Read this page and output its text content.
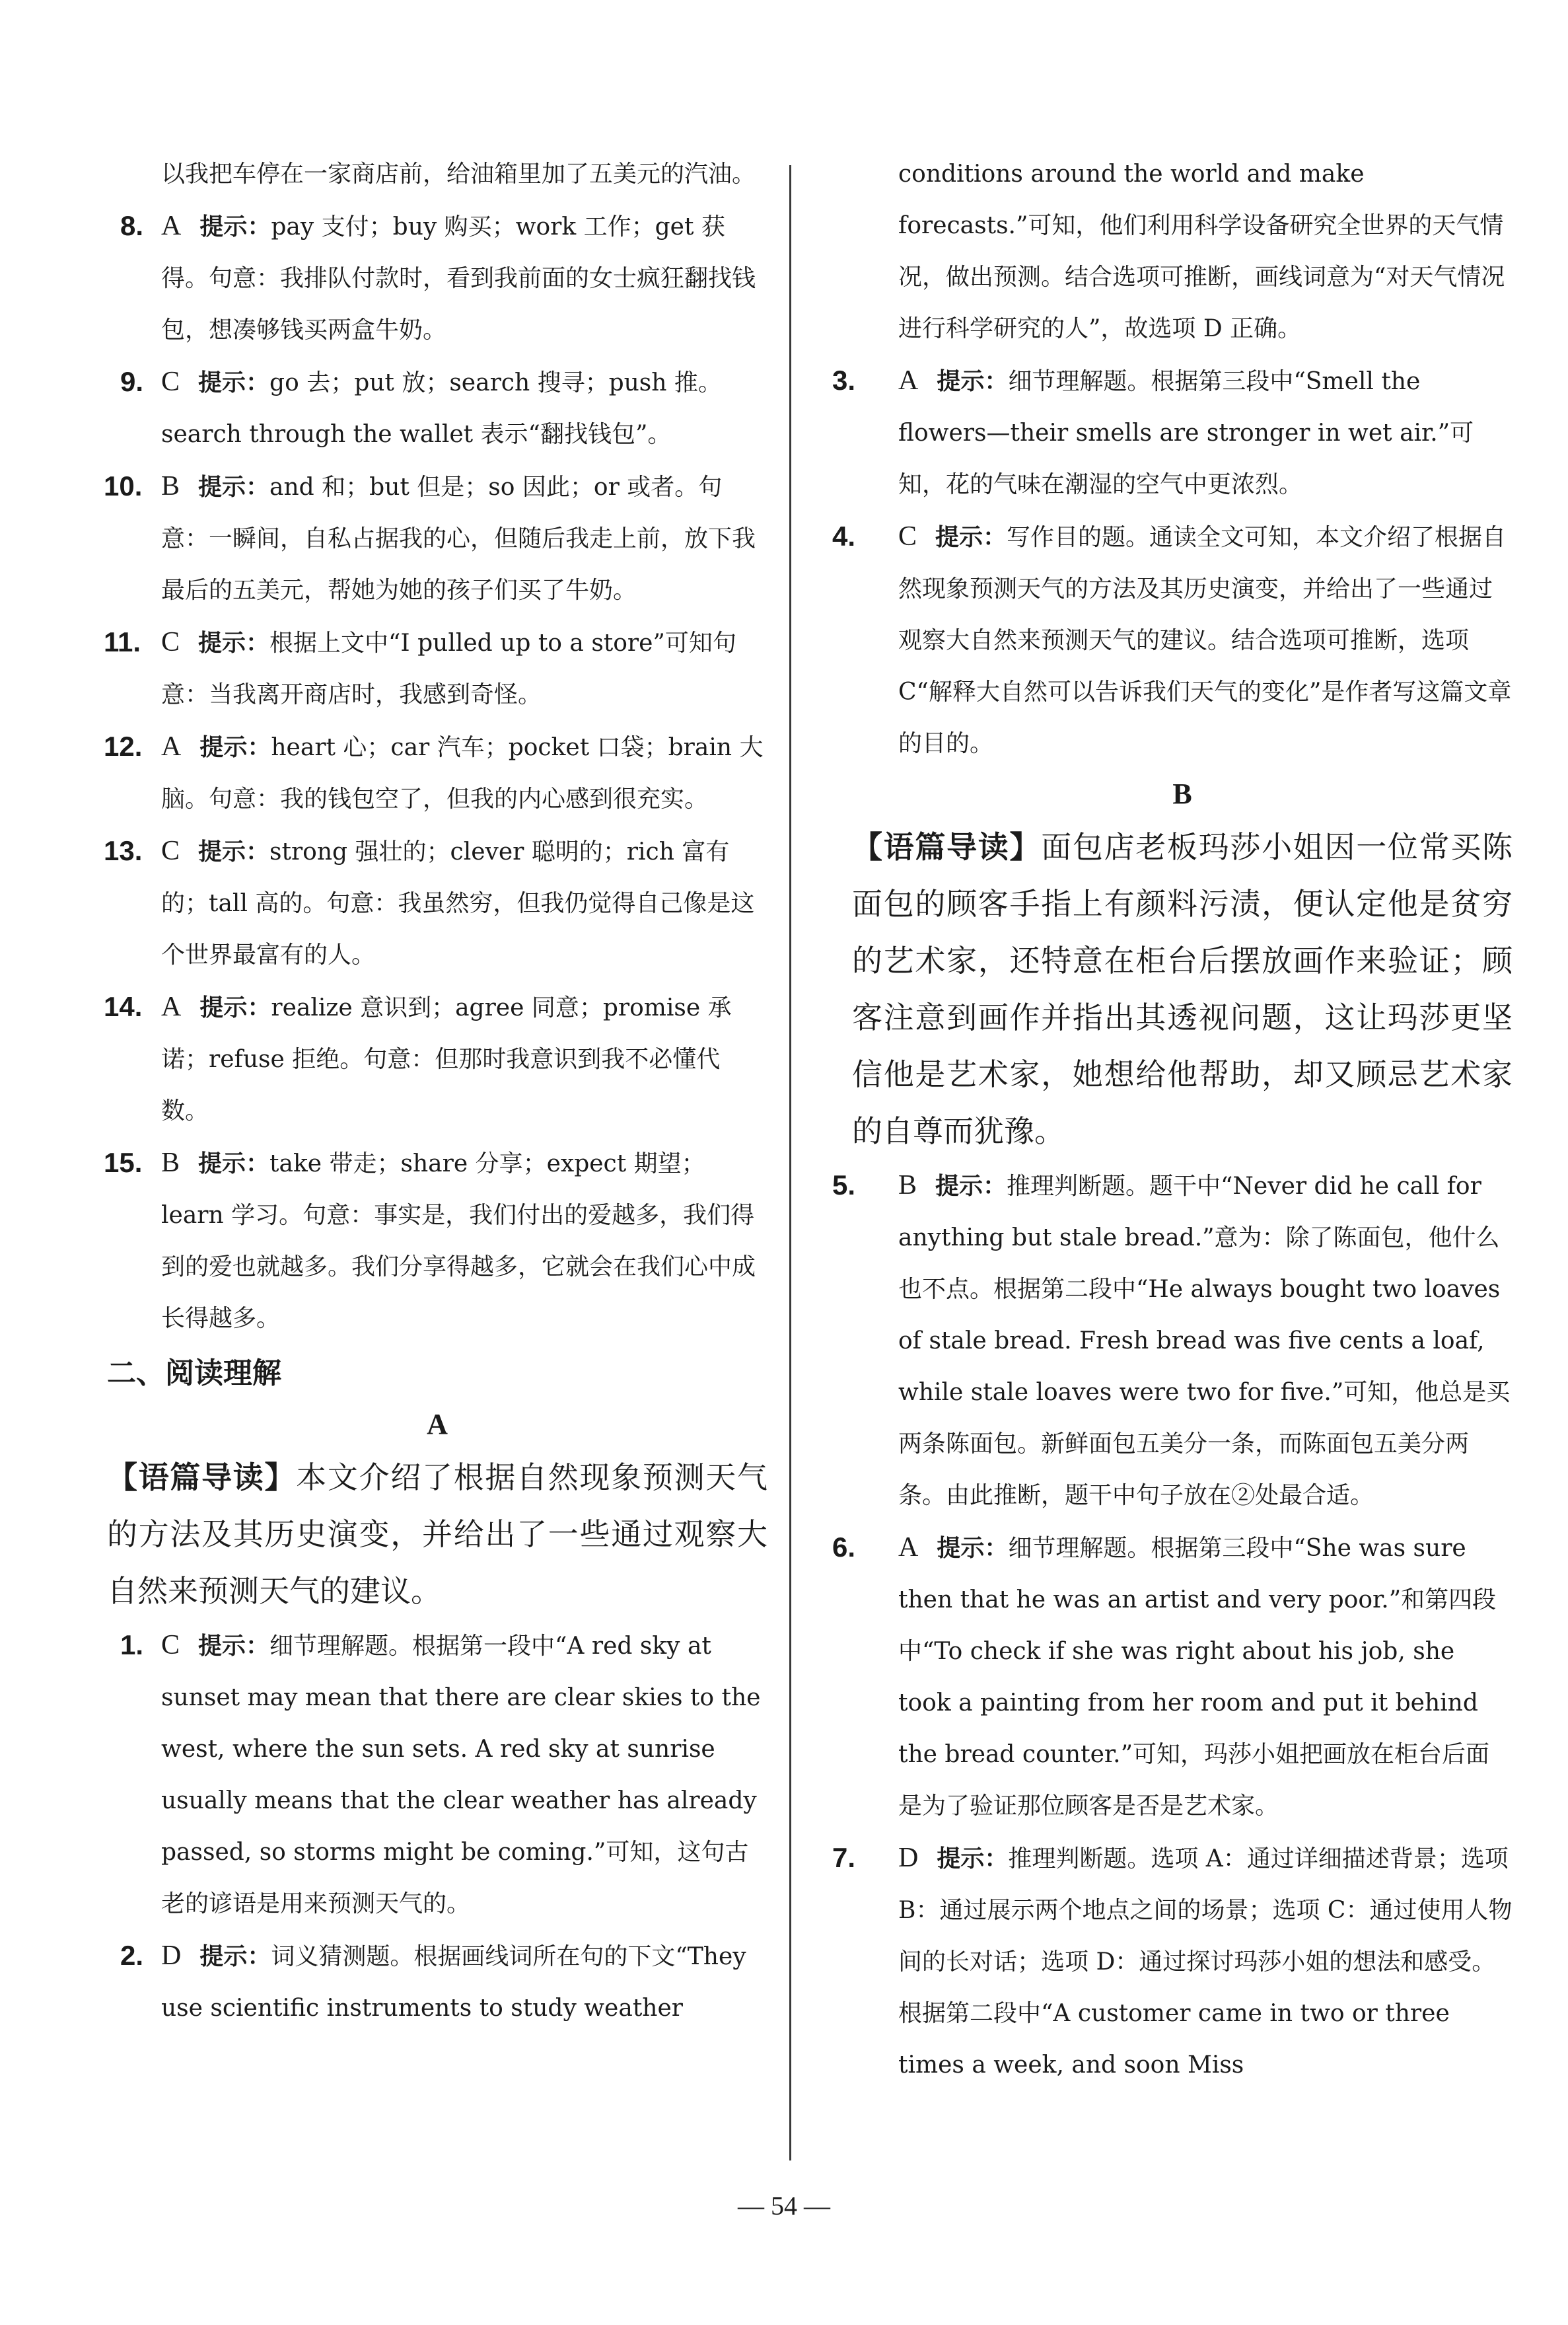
以我把车停在一家商店前，给油箱里加了五美元的汽油。
8. A 提示：pay 支付；buy 购买；work 工作；get 获得。句意：我排队付款时，看到我前面的女士疯狂翻找钱包，想凑够钱买两盒牛奶。
9. C 提示：go 去；put 放；search 搜寻；push 推。search through the wallet 表示“翻找钱包”。
10. B 提示：and 和；but 但是；so 因此；or 或者。句意：一瞬间，自私占据我的心，但随后我走上前，放下我最后的五美元，帮她为她的孩子们买了牛奶。
11. C 提示：根据上文中“I pulled up to a store”可知句意：当我离开商店时，我感到奇怪。
12. A 提示：heart 心；car 汽车；pocket 口袋；brain 大脑。句意：我的钱包空了，但我的内心感到很充实。
13. C 提示：strong 强壮的；clever 聪明的；rich 富有的；tall 高的。句意：我虽然穷，但我仍觉得自己像是这个世界最富有的人。
14. A 提示：realize 意识到；agree 同意；promise 承诺；refuse 拒绝。句意：但那时我意识到我不必懂代数。
15. B 提示：take 带走；share 分享；expect 期望；learn 学习。句意：事实是，我们付出的爱越多，我们得到的爱也就越多。我们分享得越多，它就会在我们心中成长得越多。
二、阅读理解
A
【语篇导读】本文介绍了根据自然现象预测天气的方法及其历史演变，并给出了一些通过观察大自然来预测天气的建议。
1. C 提示：细节理解题。根据第一段中“A red sky at sunset may mean that there are clear skies to the west, where the sun sets. A red sky at sunrise usually means that the clear weather has already passed, so storms might be coming.”可知，这句古老的谚语是用来预测天气的。
2. D 提示：词义猜测题。根据画线词所在句的下文“They use scientific instruments to study weather
conditions around the world and make forecasts.”可知，他们利用科学设备研究全世界的天气情况，做出预测。结合选项可推断，画线词意为“对天气情况进行科学研究的人”，故选项 D 正确。
3. A 提示：细节理解题。根据第三段中“Smell the flowers—their smells are stronger in wet air.”可知，花的气味在潮湿的空气中更浓烈。
4. C 提示：写作目的题。通读全文可知，本文介绍了根据自然现象预测天气的方法及其历史演变，并给出了一些通过观察大自然来预测天气的建议。结合选项可推断，选项 C“解释大自然可以告诉我们天气的变化”是作者写这篇文章的目的。
B
【语篇导读】面包店老板玛莎小姐因一位常买陈面包的顾客手指上有颜料污渍，便认定他是贫穷的艺术家，还特意在柜台后摆放画作来验证；顾客注意到画作并指出其透视问题，这让玛莎更坚信他是艺术家，她想给他帮助，却又顾忌艺术家的自尊而犹豫。
5. B 提示：推理判断题。题干中“Never did he call for anything but stale bread.”意为：除了陈面包，他什么也不点。根据第二段中“He always bought two loaves of stale bread. Fresh bread was five cents a loaf, while stale loaves were two for five.”可知，他总是买两条陈面包。新鲜面包五美分一条，而陈面包五美分两条。由此推断，题干中句子放在②处最合适。
6. A 提示：细节理解题。根据第三段中“She was sure then that he was an artist and very poor.”和第四段中“To check if she was right about his job, she took a painting from her room and put it behind the bread counter.”可知，玛莎小姐把画放在柜台后面是为了验证那位顾客是否是艺术家。
7. D 提示：推理判断题。选项 A：通过详细描述背景；选项 B：通过展示两个地点之间的场景；选项 C：通过使用人物间的长对话；选项 D：通过探讨玛莎小姐的想法和感受。根据第二段中“A customer came in two or three times a week, and soon Miss
— 54 —
